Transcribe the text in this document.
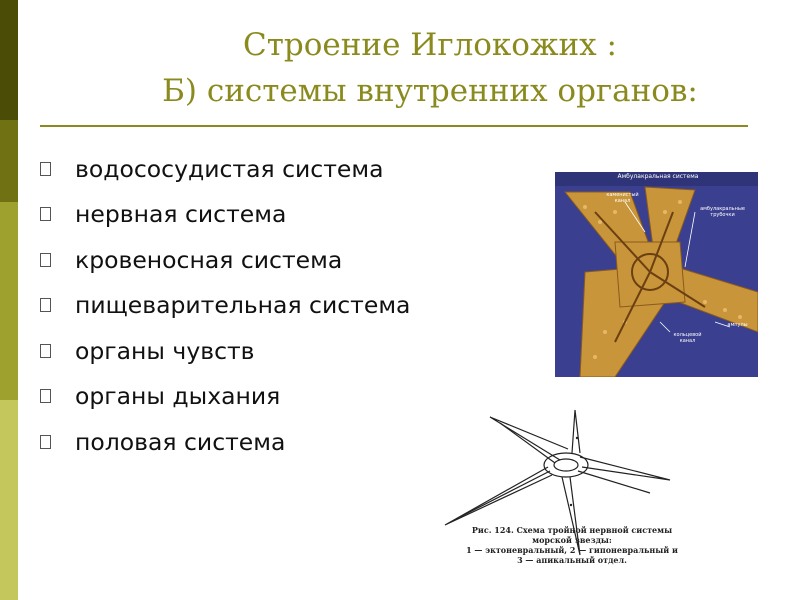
Строение Иглокожих :
Б) системы внутренних органов:
водососудистая система
нервная система
кровеносная система
пищеварительная система
органы чувств
органы дыхания
половая система
Амбулакральная система
каменистый канал
амбулакральные трубочки
ампулы
кольцевой канал
Рис. 124. Схема тройной нервной системы
морской звезды:
1 — эктоневральный, 2 — гипоневральный и
3 — апикальный отдел.
